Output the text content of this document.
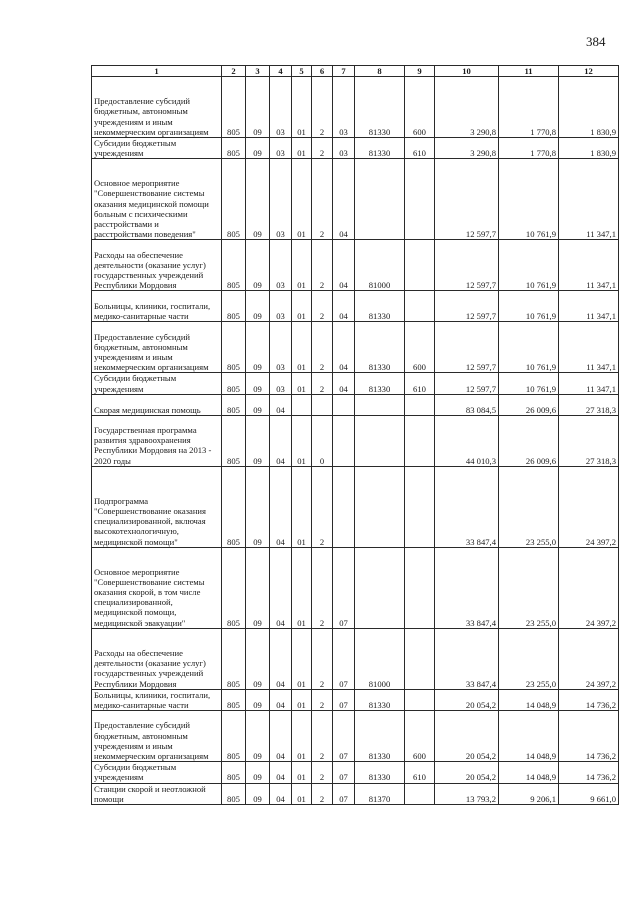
384
1	2	3	4	5	6	7	8	9	10	11	12
Предоставление субсидий бюджетным, автономным учреждениям и иным некоммерческим организациям	805	09	03	01	2	03	81330	600	3 290,8	1 770,8	1 830,9
Субсидии бюджетным учреждениям	805	09	03	01	2	03	81330	610	3 290,8	1 770,8	1 830,9
Основное мероприятие "Совершенствование системы оказания медицинской помощи больным с психическими расстройствами и расстройствами поведения"	805	09	03	01	2	04			12 597,7	10 761,9	11 347,1
Расходы на обеспечение деятельности (оказание услуг) государственных учреждений Республики Мордовия	805	09	03	01	2	04	81000		12 597,7	10 761,9	11 347,1
Больницы, клиники, госпитали, медико-санитарные части	805	09	03	01	2	04	81330		12 597,7	10 761,9	11 347,1
Предоставление субсидий бюджетным, автономным учреждениям и иным некоммерческим организациям	805	09	03	01	2	04	81330	600	12 597,7	10 761,9	11 347,1
Субсидии бюджетным учреждениям	805	09	03	01	2	04	81330	610	12 597,7	10 761,9	11 347,1
Скорая медицинская помощь	805	09	04						83 084,5	26 009,6	27 318,3
Государственная программа развития здравоохранения Республики Мордовия на 2013 - 2020 годы	805	09	04	01	0				44 010,3	26 009,6	27 318,3
Подпрограмма "Совершенствование оказания специализированной, включая высокотехнологичную, медицинской помощи"	805	09	04	01	2				33 847,4	23 255,0	24 397,2
Основное мероприятие "Совершенствование системы оказания скорой, в том числе специализированной, медицинской помощи, медицинской эвакуации"	805	09	04	01	2	07			33 847,4	23 255,0	24 397,2
Расходы на обеспечение деятельности (оказание услуг) государственных учреждений Республики Мордовия	805	09	04	01	2	07	81000		33 847,4	23 255,0	24 397,2
Больницы, клиники, госпитали, медико-санитарные части	805	09	04	01	2	07	81330		20 054,2	14 048,9	14 736,2
Предоставление субсидий бюджетным, автономным учреждениям и иным некоммерческим организациям	805	09	04	01	2	07	81330	600	20 054,2	14 048,9	14 736,2
Субсидии бюджетным учреждениям	805	09	04	01	2	07	81330	610	20 054,2	14 048,9	14 736,2
Станции скорой и неотложной помощи	805	09	04	01	2	07	81370		13 793,2	9 206,1	9 661,0
